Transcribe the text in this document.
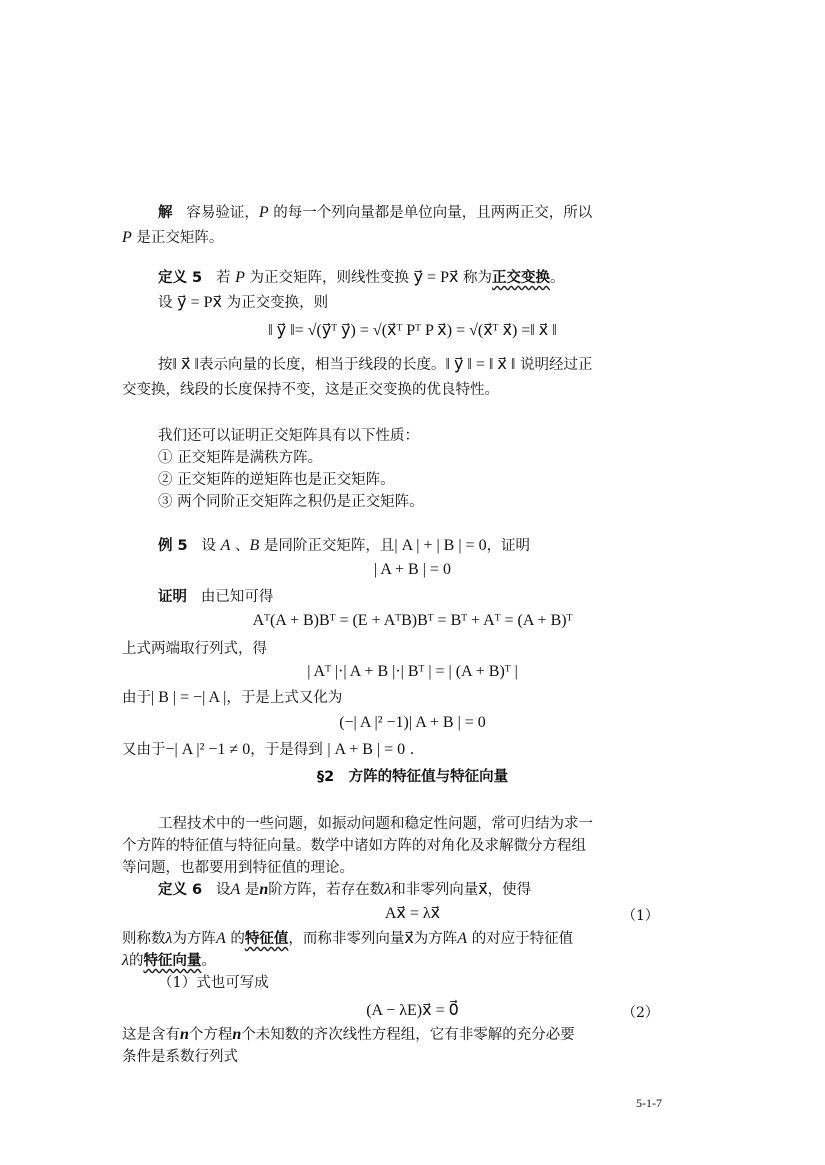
解 容易验证，P 的每一个列向量都是单位向量，且两两正交，所以
P 是正交矩阵。
定义 5 若 P 为正交矩阵，则线性变换 y⃗ = Px⃗ 称为正交变换。
设 y⃗ = Px⃗ 为正交变换，则
‖ y⃗ ‖= √(y⃗ᵀ y⃗) = √(x⃗ᵀ Pᵀ P x⃗) = √(x⃗ᵀ x⃗) =‖ x⃗ ‖
按‖ x⃗ ‖表示向量的长度，相当于线段的长度。‖ y⃗ ‖ = ‖ x⃗ ‖ 说明经过正
交变换，线段的长度保持不变，这是正交变换的优良特性。
我们还可以证明正交矩阵具有以下性质：
① 正交矩阵是满秩方阵。
② 正交矩阵的逆矩阵也是正交矩阵。
③ 两个同阶正交矩阵之积仍是正交矩阵。
例 5 设 A 、B 是同阶正交矩阵，且| A | + | B | = 0，证明
| A + B | = 0
证明 由已知可得
Aᵀ(A + B)Bᵀ = (E + AᵀB)Bᵀ = Bᵀ + Aᵀ = (A + B)ᵀ
上式两端取行列式，得
| Aᵀ |·| A + B |·| Bᵀ | = | (A + B)ᵀ |
由于| B | = −| A |，于是上式又化为
(−| A |² −1)| A + B | = 0
又由于−| A |² −1 ≠ 0，于是得到 | A + B | = 0 .
§2　方阵的特征值与特征向量
工程技术中的一些问题，如振动问题和稳定性问题，常可归结为求一
个方阵的特征值与特征向量。数学中诸如方阵的对角化及求解微分方程组
等问题，也都要用到特征值的理论。
定义 6 设A 是n阶方阵，若存在数λ和非零列向量x⃗，使得
Ax⃗ = λx⃗	（1）
则称数λ为方阵A 的特征值，而称非零列向量x⃗为方阵A 的对应于特征值
λ的特征向量。
（1）式也可写成
(A − λE)x⃗ = 0⃗	（2）
这是含有n个方程n个未知数的齐次线性方程组，它有非零解的充分必要
条件是系数行列式
5-1-7
